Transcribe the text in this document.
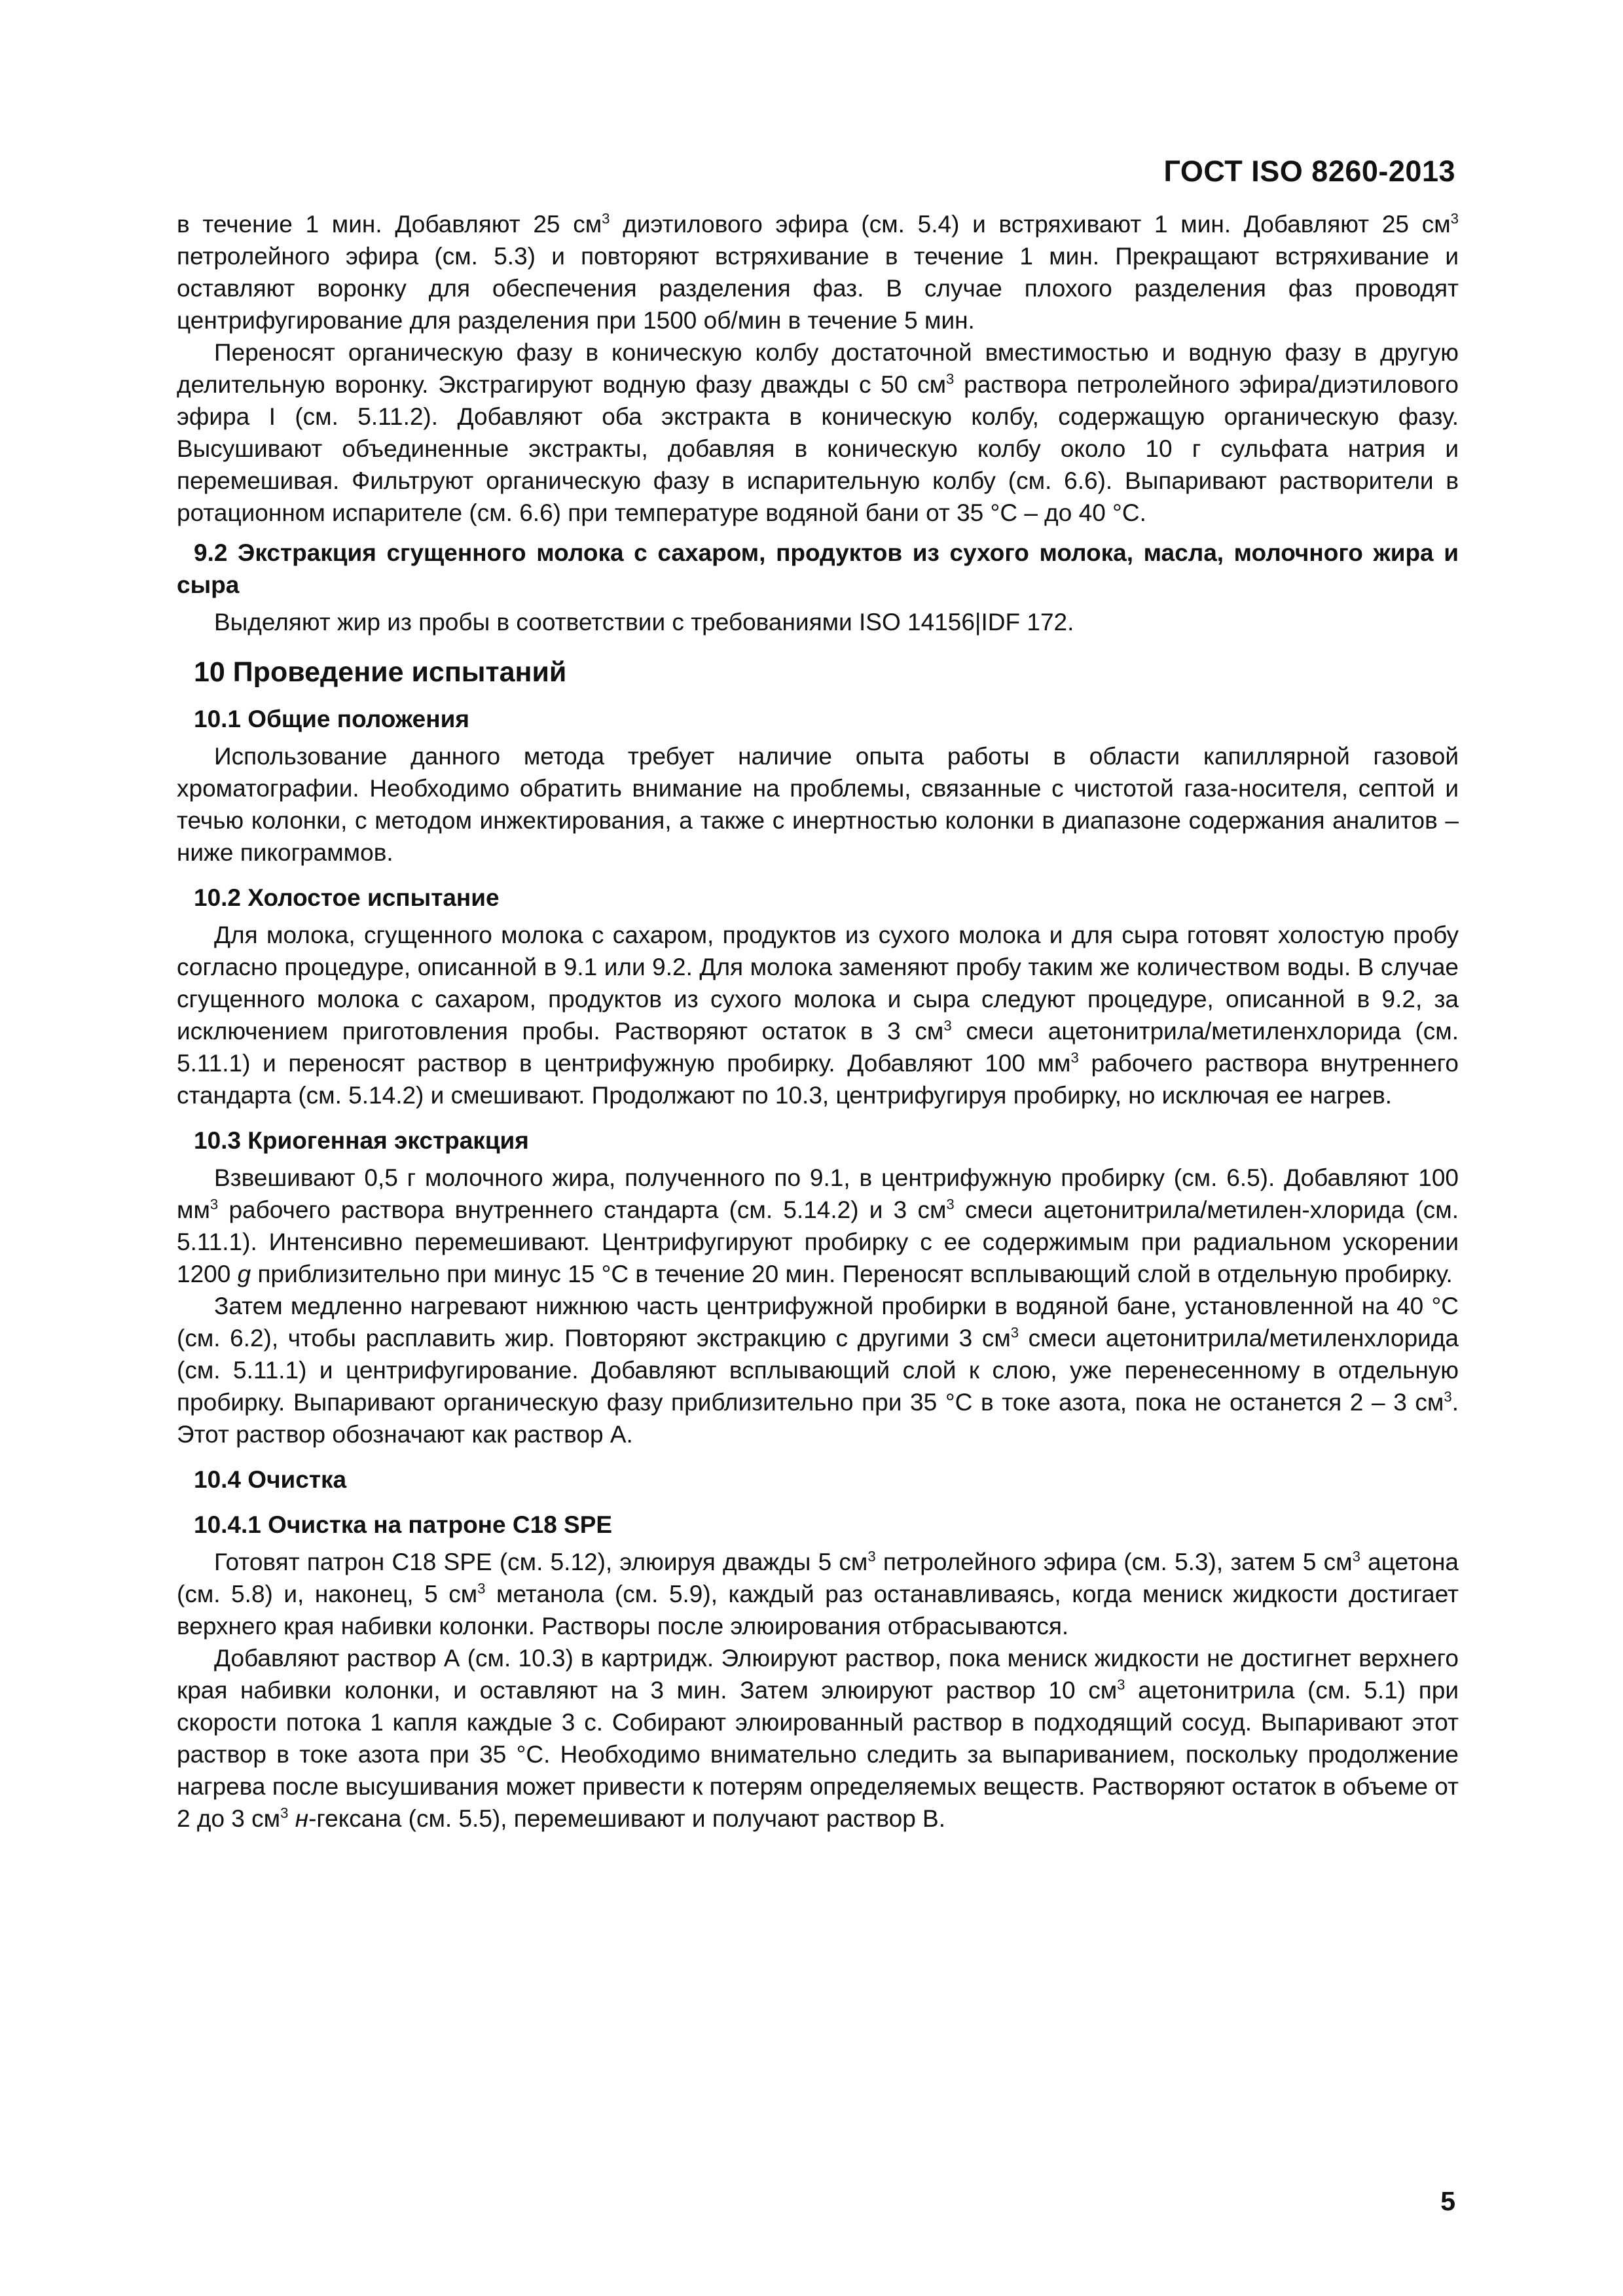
ГОСТ ISO 8260-2013

в течение 1 мин. Добавляют 25 $см^3$ диэтилового эфира (см. 5.4) и встряхивают 1 мин. Добавляют 25 $см^3$ петролейного эфира (см. 5.3) и повторяют встряхивание в течение 1 мин. Прекращают встряхивание и оставляют воронку для обеспечения разделения фаз. В случае плохого разделения фаз проводят центрифугирование для разделения при 1500 об/мин в течение 5 мин.

Переносят органическую фазу в коническую колбу достаточной вместимостью и водную фазу в другую делительную воронку. Экстрагируют водную фазу дважды с 50 $см^3$ раствора петролейного эфира/диэтилового эфира I (см. 5.11.2). Добавляют оба экстракта в коническую колбу, содержащую органическую фазу. Высушивают объединенные экстракты, добавляя в коническую колбу около 10 г сульфата натрия и перемешивая. Фильтруют органическую фазу в испарительную колбу (см. 6.6). Выпаривают растворители в ротационном испарителе (см. 6.6) при температуре водяной бани от 35 °С – до 40 °С.

9.2 Экстракция сгущенного молока с сахаром, продуктов из сухого молока, масла, молочного жира и сыра

Выделяют жир из пробы в соответствии с требованиями ISO 14156|IDF 172.

10 Проведение испытаний

10.1 Общие положения

Использование данного метода требует наличие опыта работы в области капиллярной газовой хроматографии. Необходимо обратить внимание на проблемы, связанные с чистотой газа-носителя, септой и течью колонки, с методом инжектирования, а также с инертностью колонки в диапазоне содержания аналитов – ниже пикограммов.

10.2 Холостое испытание

Для молока, сгущенного молока с сахаром, продуктов из сухого молока и для сыра готовят холостую пробу согласно процедуре, описанной в 9.1 или 9.2. Для молока заменяют пробу таким же количеством воды. В случае сгущенного молока с сахаром, продуктов из сухого молока и сыра следуют процедуре, описанной в 9.2, за исключением приготовления пробы. Растворяют остаток в 3 $см^3$ смеси ацетонитрила/метиленхлорида (см. 5.11.1) и переносят раствор в центрифужную пробирку. Добавляют 100 $мм^3$ рабочего раствора внутреннего стандарта (см. 5.14.2) и смешивают. Продолжают по 10.3, центрифугируя пробирку, но исключая ее нагрев.

10.3 Криогенная экстракция

Взвешивают 0,5 г молочного жира, полученного по 9.1, в центрифужную пробирку (см. 6.5). Добавляют 100 $мм^3$ рабочего раствора внутреннего стандарта (см. 5.14.2) и 3 $см^3$ смеси ацетонитрила/метилен-хлорида (см. 5.11.1). Интенсивно перемешивают. Центрифугируют пробирку с ее содержимым при радиальном ускорении 1200 g приблизительно при минус 15 °С в течение 20 мин. Переносят всплывающий слой в отдельную пробирку.

Затем медленно нагревают нижнюю часть центрифужной пробирки в водяной бане, установленной на 40 °С (см. 6.2), чтобы расплавить жир. Повторяют экстракцию с другими 3 $см^3$ смеси ацетонитрила/метиленхлорида (см. 5.11.1) и центрифугирование. Добавляют всплывающий слой к слою, уже перенесенному в отдельную пробирку. Выпаривают органическую фазу приблизительно при 35 °С в токе азота, пока не останется 2 – 3 $см^3$. Этот раствор обозначают как раствор А.

10.4 Очистка

10.4.1 Очистка на патроне С18 SPE

Готовят патрон С18 SPE (см. 5.12), элюируя дважды 5 $см^3$ петролейного эфира (см. 5.3), затем 5 $см^3$ ацетона (см. 5.8) и, наконец, 5 $см^3$ метанола (см. 5.9), каждый раз останавливаясь, когда мениск жидкости достигает верхнего края набивки колонки. Растворы после элюирования отбрасываются.

Добавляют раствор А (см. 10.3) в картридж. Элюируют раствор, пока мениск жидкости не достигнет верхнего края набивки колонки, и оставляют на 3 мин. Затем элюируют раствор 10 $см^3$ ацетонитрила (см. 5.1) при скорости потока 1 капля каждые 3 с. Собирают элюированный раствор в подходящий сосуд. Выпаривают этот раствор в токе азота при 35 °С. Необходимо внимательно следить за выпариванием, поскольку продолжение нагрева после высушивания может привести к потерям определяемых веществ. Растворяют остаток в объеме от 2 до 3 $см^3$ н-гексана (см. 5.5), перемешивают и получают раствор В.

5
